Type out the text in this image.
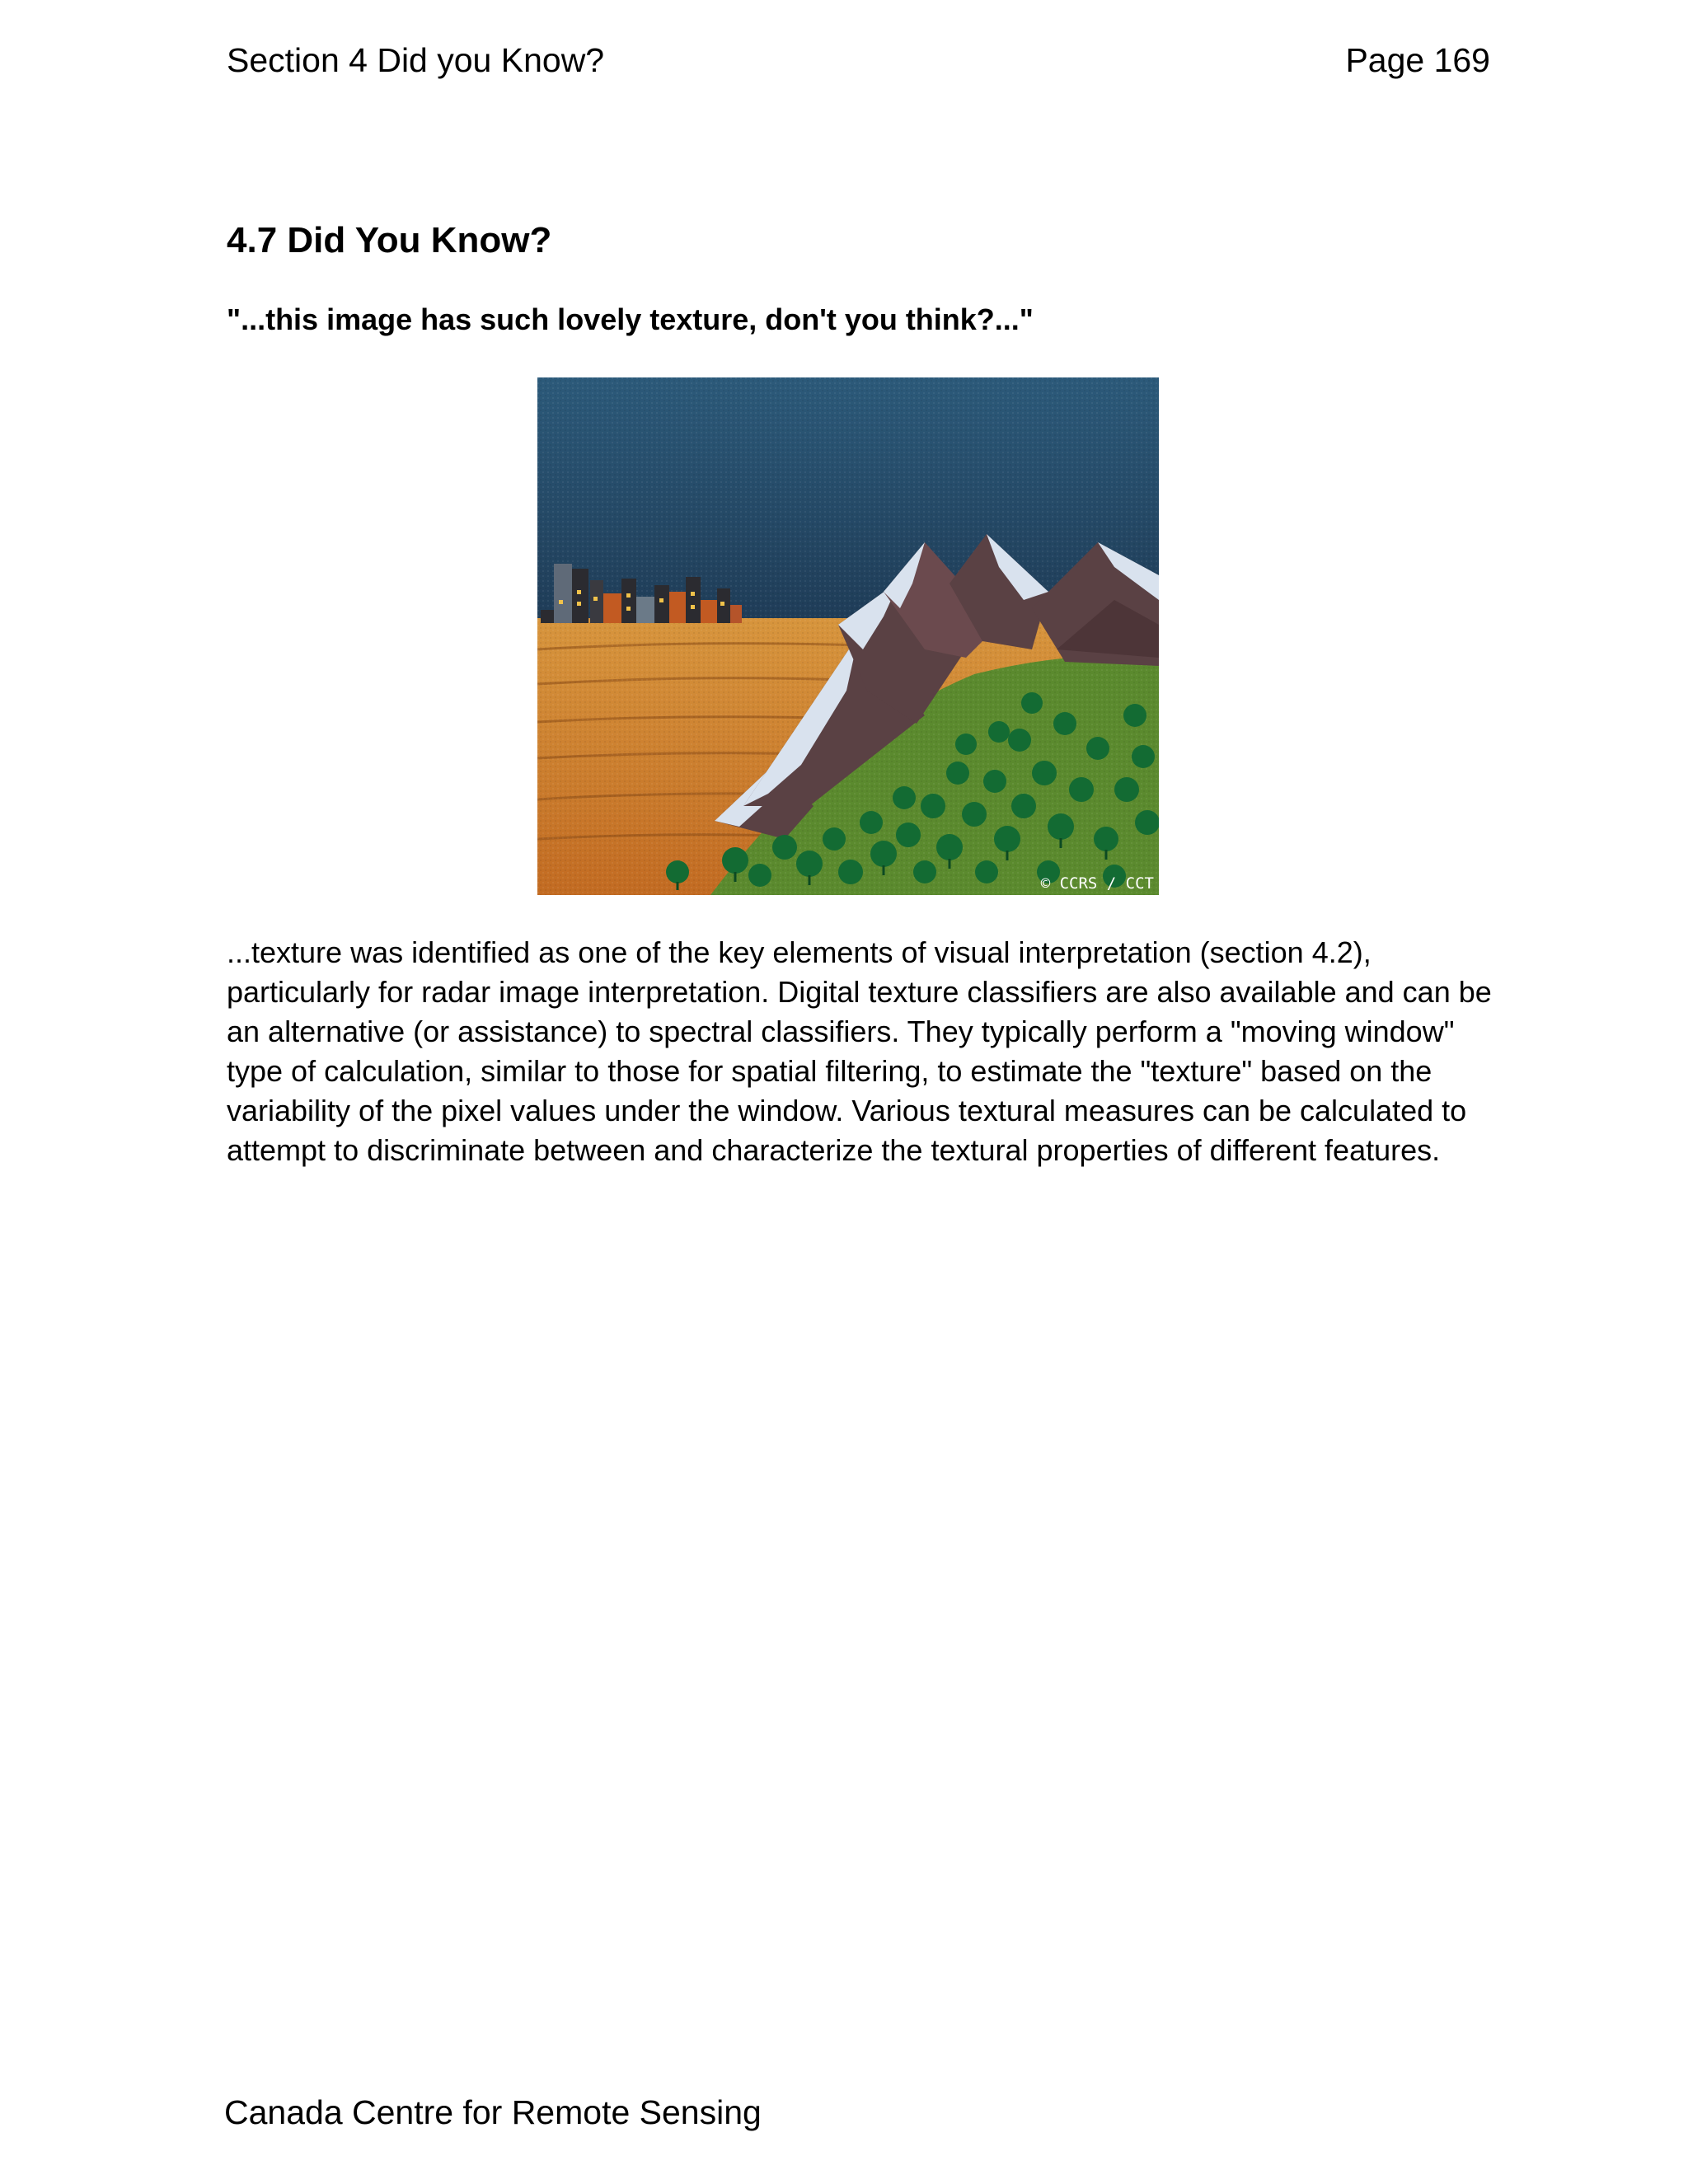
Section 4 Did you Know?	Page 169
4.7 Did You Know?
"...this image has such lovely texture, don't you think?..."
© CCRS / CCT
...texture was identified as one of the key elements of visual interpretation (section 4.2), particularly for radar image interpretation. Digital texture classifiers are also available and can be an alternative (or assistance) to spectral classifiers. They typically perform a "moving window" type of calculation, similar to those for spatial filtering, to estimate the "texture" based on the variability of the pixel values under the window. Various textural measures can be calculated to attempt to discriminate between and characterize the textural properties of different features.
Canada Centre for Remote Sensing
